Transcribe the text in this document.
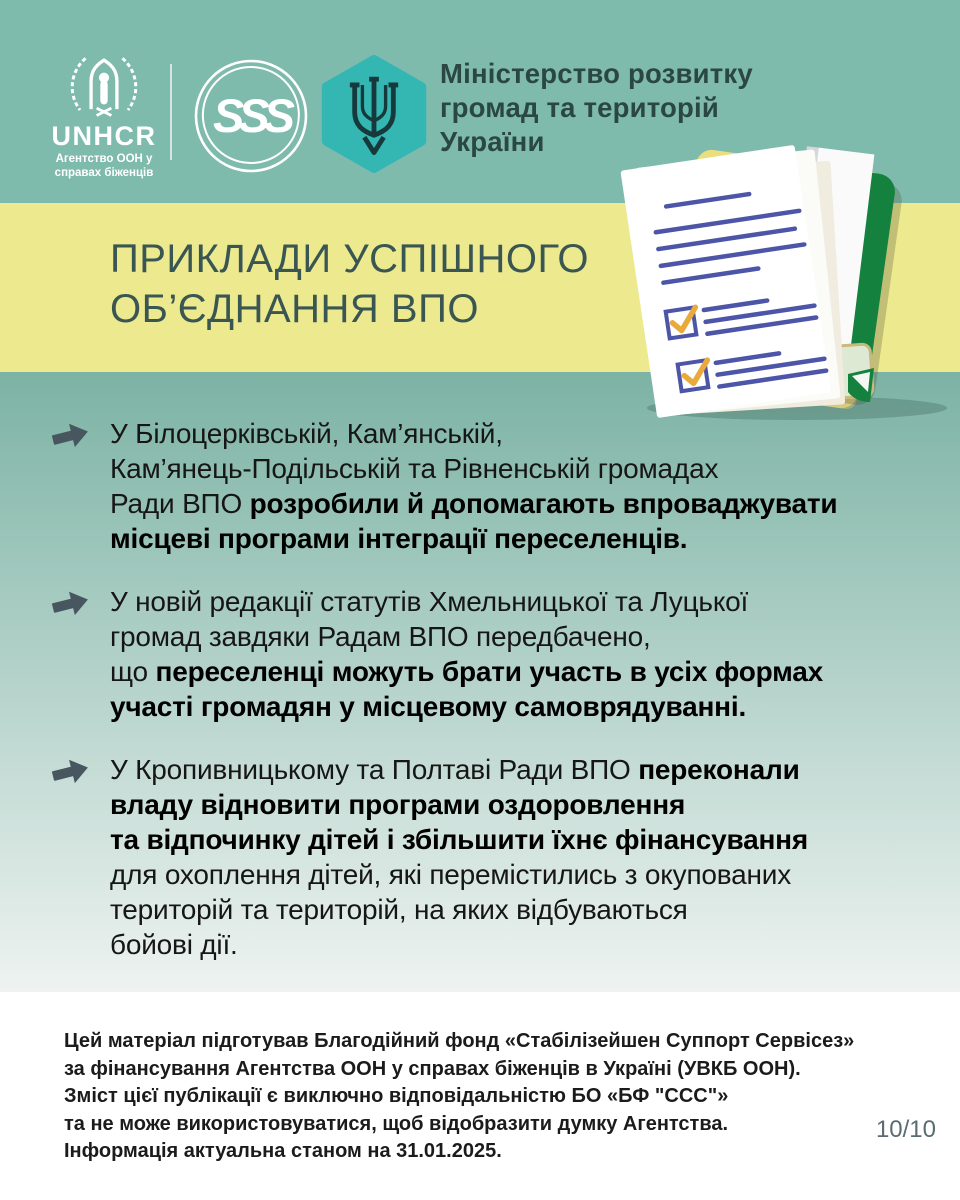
UNHCR
Агентство ООН у
справах біженців
SSS
Міністерство розвитку
громад та територій
України
ПРИКЛАДИ УСПІШНОГО
ОБ’ЄДНАННЯ ВПО
У Білоцерківській, Кам’янській,
Кам’янець-Подільській та Рівненській громадах
Ради ВПО розробили й допомагають впроваджувати
місцеві програми інтеграції переселенців.
У новій редакції статутів Хмельницької та Луцької
громад завдяки Радам ВПО передбачено,
що переселенці можуть брати участь в усіх формах
участі громадян у місцевому самоврядуванні.
У Кропивницькому та Полтаві Ради ВПО переконали
владу відновити програми оздоровлення
та відпочинку дітей і збільшити їхнє фінансування
для охоплення дітей, які перемістились з окупованих
територій та територій, на яких відбуваються
бойові дії.
Цей матеріал підготував Благодійний фонд «Стабілізейшен Суппорт Сервісез»
за фінансування Агентства ООН у справах біженців в Україні (УВКБ ООН).
Зміст цієї публікації є виключно відповідальністю БО «БФ "ССС"»
та не може використовуватися, щоб відобразити думку Агентства.
Інформація актуальна станом на 31.01.2025.
10/10
